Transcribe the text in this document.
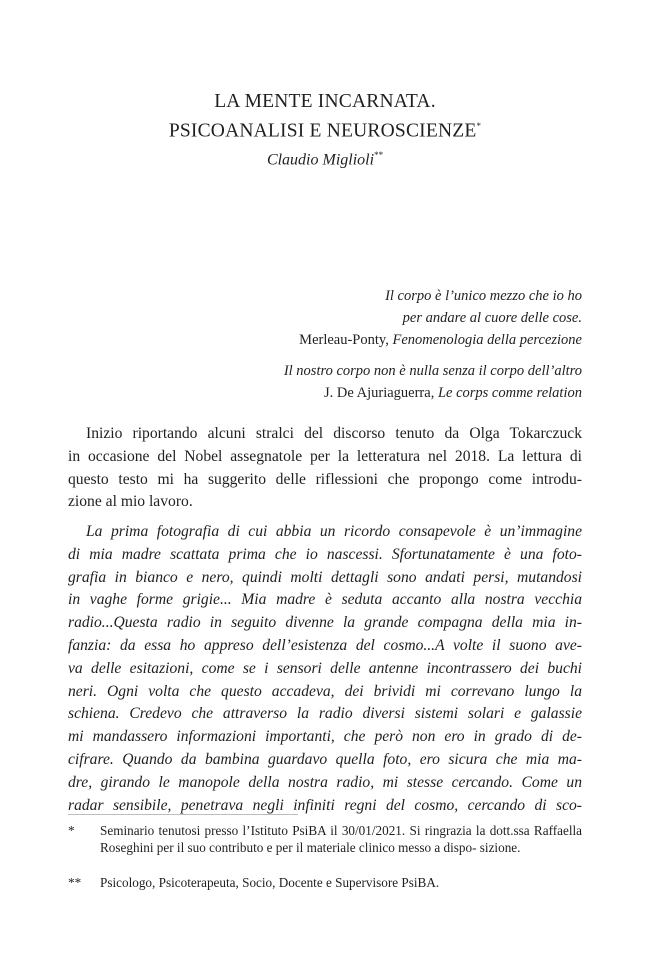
LA MENTE INCARNATA.
PSICOANALISI E NEUROSCIENZE*
Claudio Miglioli**
Il corpo è l’unico mezzo che io ho
per andare al cuore delle cose.
Merleau-Ponty, Fenomenologia della percezione
Il nostro corpo non è nulla senza il corpo dell’altro
J. De Ajuriaguerra, Le corps comme relation
Inizio riportando alcuni stralci del discorso tenuto da Olga Tokarczuck
in occasione del Nobel assegnatole per la letteratura nel 2018. La lettura di
questo testo mi ha suggerito delle riflessioni che propongo come introdu-
zione al mio lavoro.
La prima fotografia di cui abbia un ricordo consapevole è un’immagine
di mia madre scattata prima che io nascessi. Sfortunatamente è una foto-
grafia in bianco e nero, quindi molti dettagli sono andati persi, mutandosi
in vaghe forme grigie... Mia madre è seduta accanto alla nostra vecchia
radio...Questa radio in seguito divenne la grande compagna della mia in-
fanzia: da essa ho appreso dell’esistenza del cosmo...A volte il suono ave-
va delle esitazioni, come se i sensori delle antenne incontrassero dei buchi
neri. Ogni volta che questo accadeva, dei brividi mi correvano lungo la
schiena. Credevo che attraverso la radio diversi sistemi solari e galassie
mi mandassero informazioni importanti, che però non ero in grado di de-
cifrare. Quando da bambina guardavo quella foto, ero sicura che mia ma-
dre, girando le manopole della nostra radio, mi stesse cercando. Come un
radar sensibile, penetrava negli infiniti regni del cosmo, cercando di sco-
* Seminario tenutosi presso l’Istituto PsiBA il 30/01/2021. Si ringrazia la dott.ssa Raffaella Roseghini per il suo contributo e per il materiale clinico messo a dispo- sizione.
** Psicologo, Psicoterapeuta, Socio, Docente e Supervisore PsiBA.
